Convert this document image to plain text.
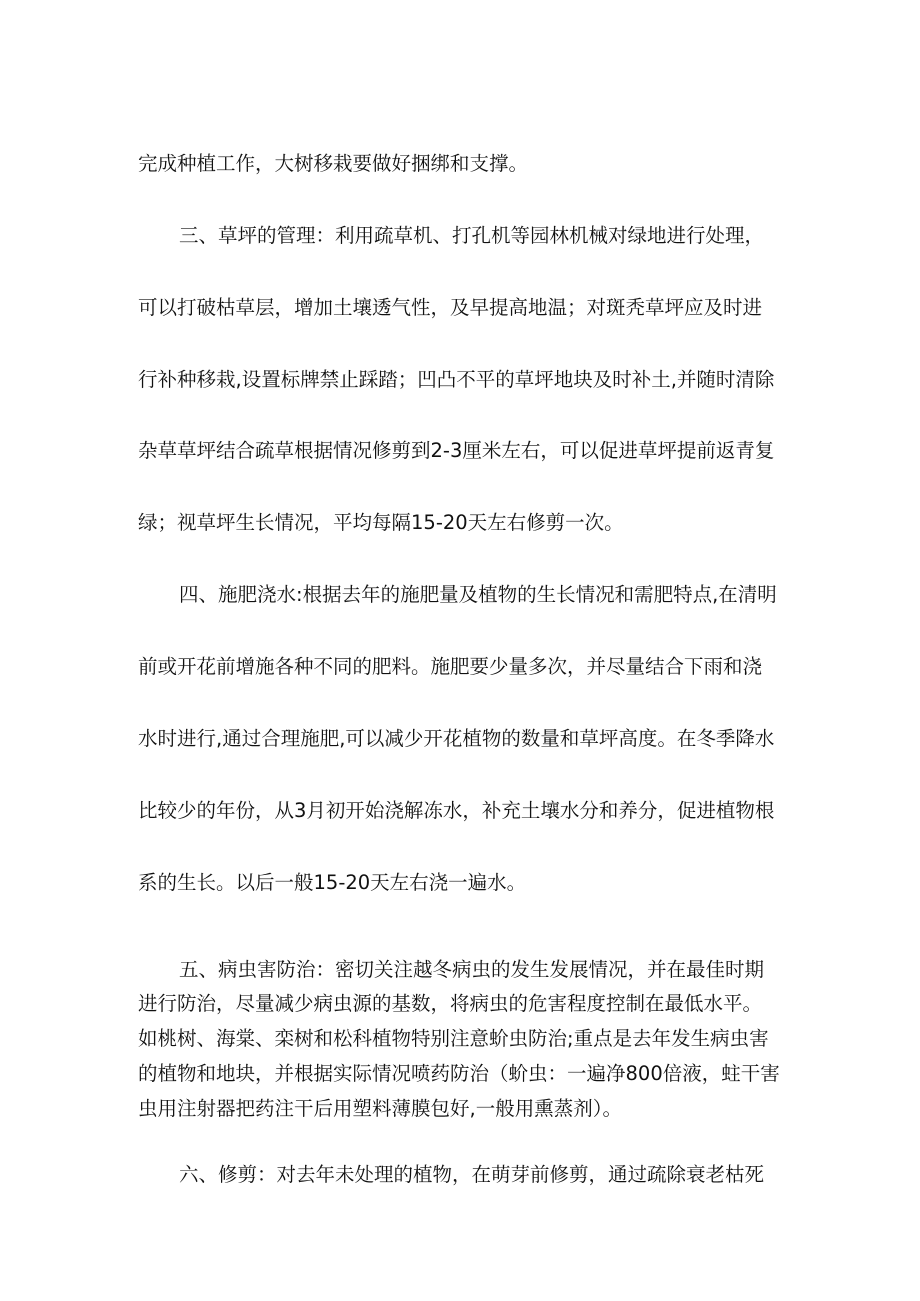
完成种植工作，大树移栽要做好捆绑和支撑。
三、草坪的管理：利用疏草机、打孔机等园林机械对绿地进行处理，
可以打破枯草层，增加土壤透气性，及早提高地温；对斑秃草坪应及时进
行补种移栽,设置标牌禁止踩踏；凹凸不平的草坪地块及时补土,并随时清除
杂草草坪结合疏草根据情况修剪到2-3厘米左右，可以促进草坪提前返青复
绿；视草坪生长情况，平均每隔15-20天左右修剪一次。
四、施肥浇水:根据去年的施肥量及植物的生长情况和需肥特点,在清明
前或开花前增施各种不同的肥料。施肥要少量多次，并尽量结合下雨和浇
水时进行,通过合理施肥,可以减少开花植物的数量和草坪高度。在冬季降水
比较少的年份，从3月初开始浇解冻水，补充土壤水分和养分，促进植物根
系的生长。以后一般15-20天左右浇一遍水。
五、病虫害防治：密切关注越冬病虫的发生发展情况，并在最佳时期
进行防治，尽量减少病虫源的基数，将病虫的危害程度控制在最低水平。
如桃树、海棠、栾树和松科植物特别注意蚧虫防治;重点是去年发生病虫害
的植物和地块，并根据实际情况喷药防治（蚧虫：一遍净800倍液，蛀干害
虫用注射器把药注干后用塑料薄膜包好,一般用熏蒸剂）。
六、修剪：对去年未处理的植物，在萌芽前修剪，通过疏除衰老枯死
